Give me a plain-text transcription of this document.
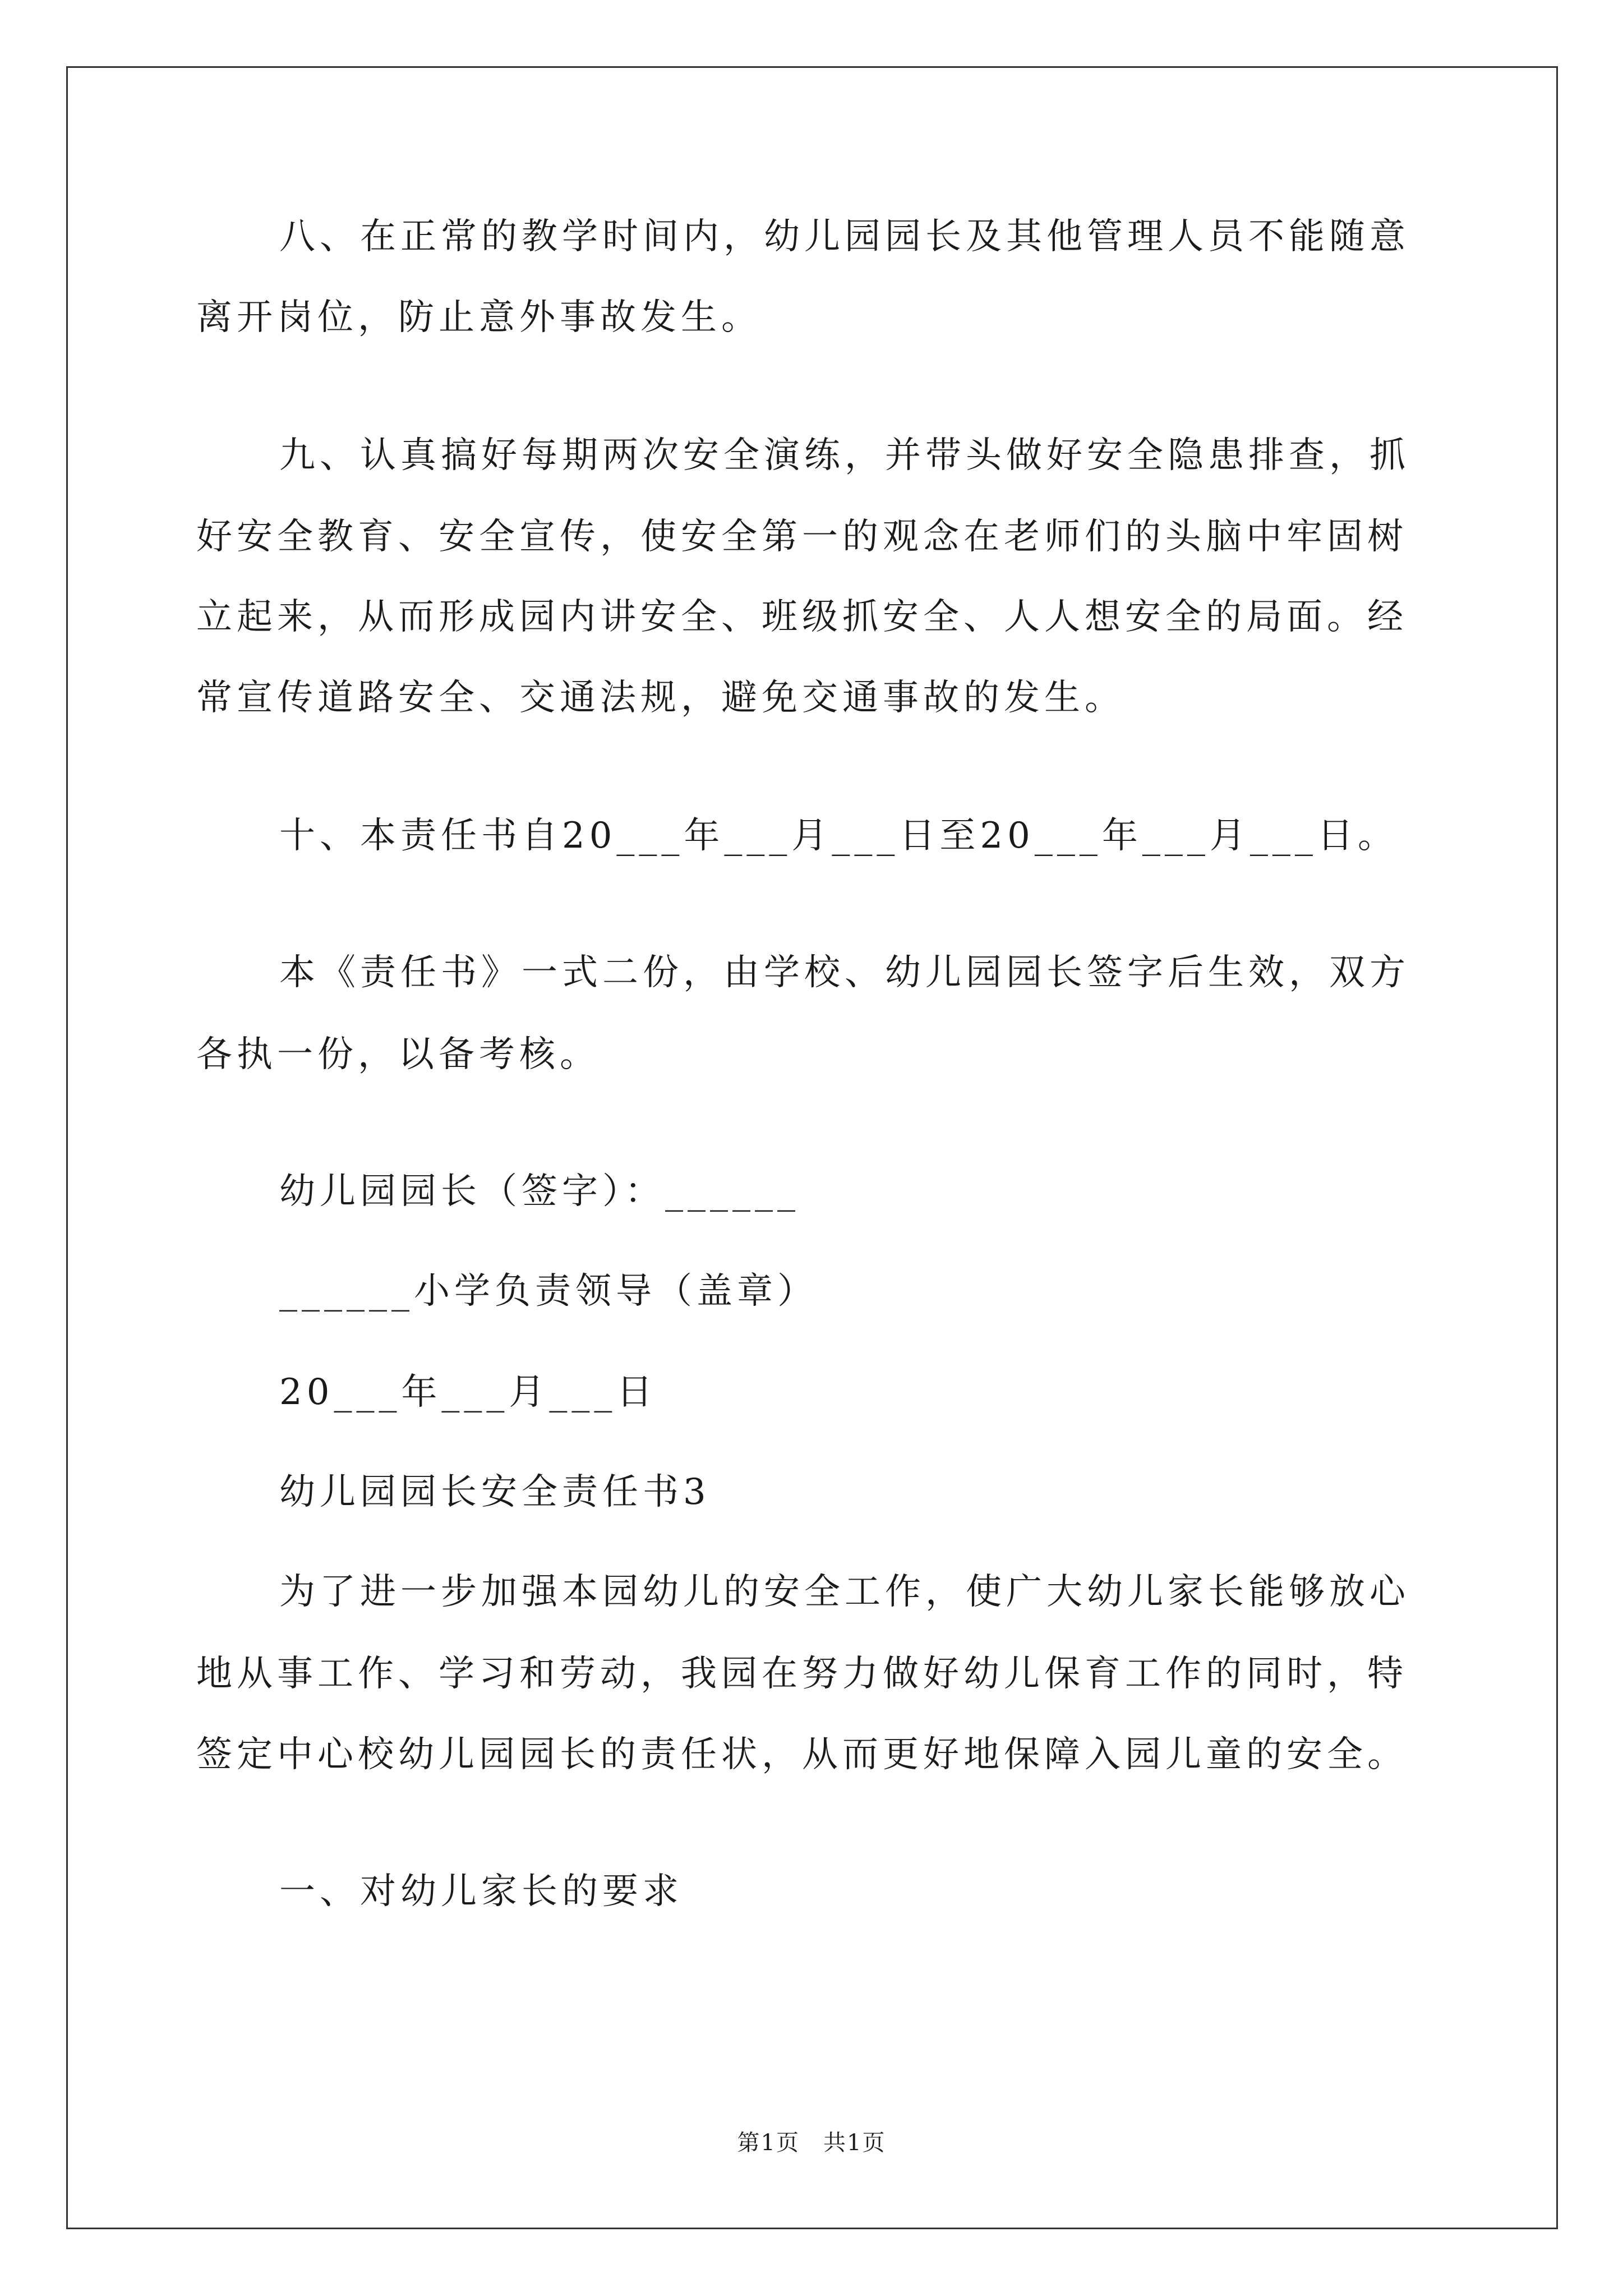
八、在正常的教学时间内，幼儿园园长及其他管理人员不能随意
离开岗位，防止意外事故发生。
九、认真搞好每期两次安全演练，并带头做好安全隐患排查，抓
好安全教育、安全宣传，使安全第一的观念在老师们的头脑中牢固树
立起来，从而形成园内讲安全、班级抓安全、人人想安全的局面。经
常宣传道路安全、交通法规，避免交通事故的发生。
十、本责任书自20___年___月___日至20___年___月___日。
本《责任书》一式二份，由学校、幼儿园园长签字后生效，双方
各执一份，以备考核。
幼儿园园长（签字）：______
______小学负责领导（盖章）
20___年___月___日
幼儿园园长安全责任书3
为了进一步加强本园幼儿的安全工作，使广大幼儿家长能够放心
地从事工作、学习和劳动，我园在努力做好幼儿保育工作的同时，特
签定中心校幼儿园园长的责任状，从而更好地保障入园儿童的安全。
一、对幼儿家长的要求
第1页　共1页
